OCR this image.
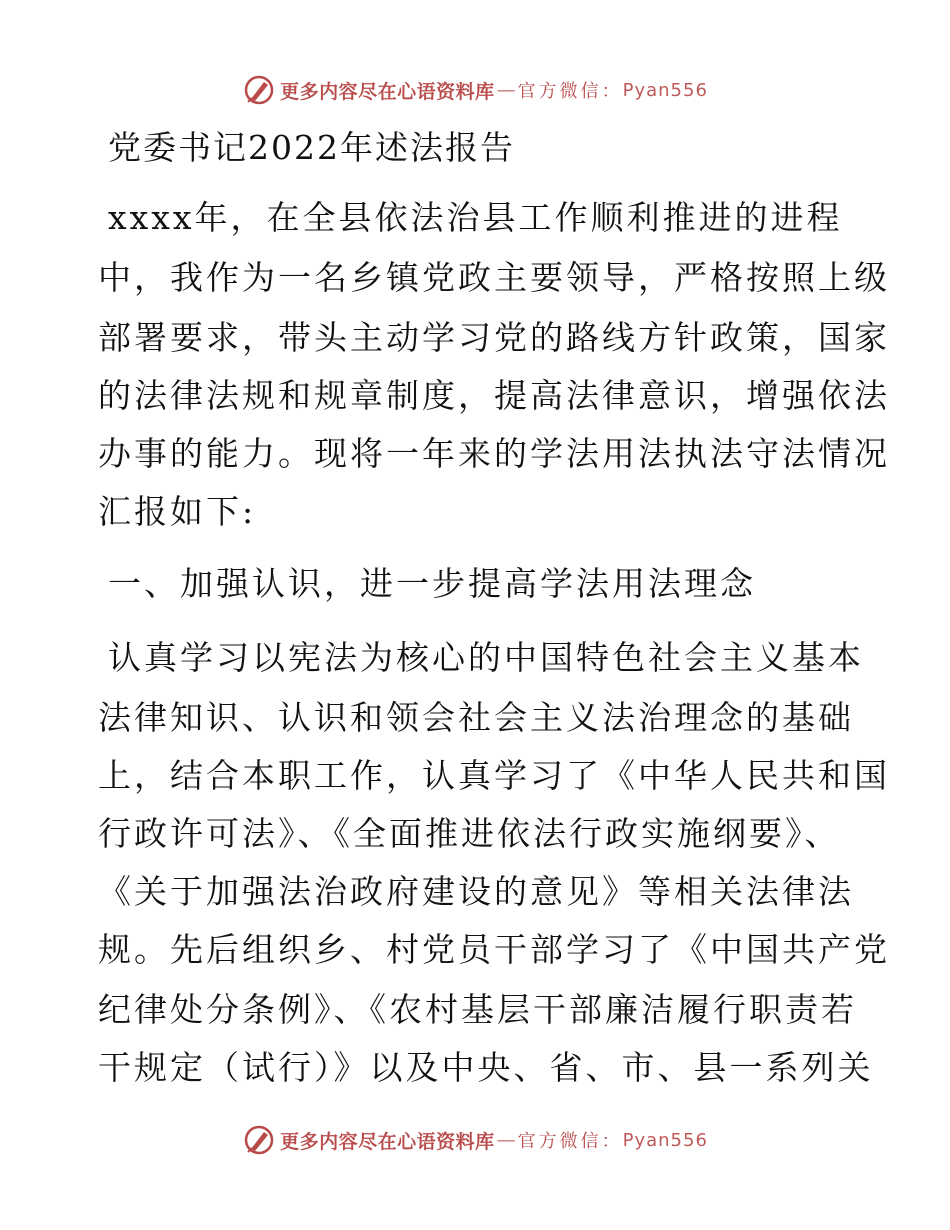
更多内容尽在心语资料库 — 官方微信： Pyan556
党委书记2022年述法报告
xxxx年，在全县依法治县工作顺利推进的进程
中，我作为一名乡镇党政主要领导，严格按照上级
部署要求，带头主动学习党的路线方针政策，国家
的法律法规和规章制度，提高法律意识，增强依法
办事的能力。现将一年来的学法用法执法守法情况
汇报如下:
一、加强认识，进一步提高学法用法理念
认真学习以宪法为核心的中国特色社会主义基本
法律知识、认识和领会社会主义法治理念的基础
上，结合本职工作，认真学习了《中华人民共和国
行政许可法》、《全面推进依法行政实施纲要》、
《关于加强法治政府建设的意见》等相关法律法
规。先后组织乡、村党员干部学习了《中国共产党
纪律处分条例》、《农村基层干部廉洁履行职责若
干规定（试行）》以及中央、省、市、县一系列关
更多内容尽在心语资料库 — 官方微信： Pyan556
